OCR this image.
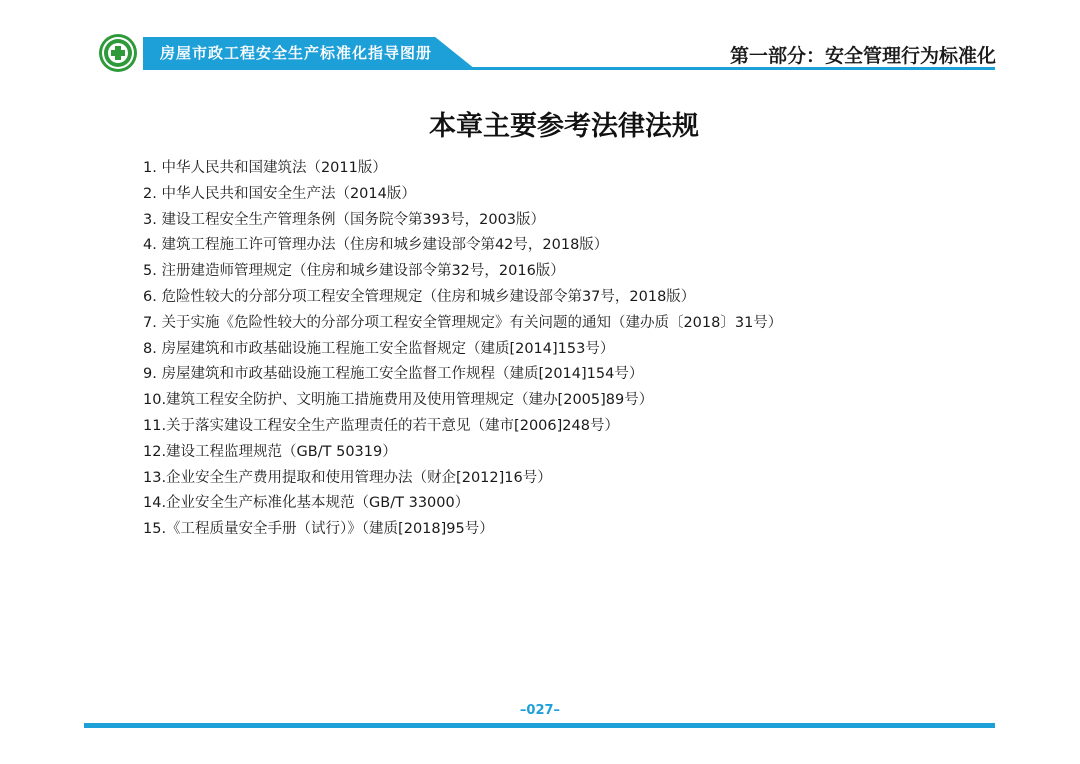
房屋市政工程安全生产标准化指导图册	第一部分：安全管理行为标准化
本章主要参考法律法规
1. 中华人民共和国建筑法（2011版）
2. 中华人民共和国安全生产法（2014版）
3. 建设工程安全生产管理条例（国务院令第393号，2003版）
4. 建筑工程施工许可管理办法（住房和城乡建设部令第42号，2018版）
5. 注册建造师管理规定（住房和城乡建设部令第32号，2016版）
6. 危险性较大的分部分项工程安全管理规定（住房和城乡建设部令第37号，2018版）
7. 关于实施《危险性较大的分部分项工程安全管理规定》有关问题的通知（建办质〔2018〕31号）
8. 房屋建筑和市政基础设施工程施工安全监督规定（建质[2014]153号）
9. 房屋建筑和市政基础设施工程施工安全监督工作规程（建质[2014]154号）
10.建筑工程安全防护、文明施工措施费用及使用管理规定（建办[2005]89号）
11.关于落实建设工程安全生产监理责任的若干意见（建市[2006]248号）
12.建设工程监理规范（GB/T 50319）
13.企业安全生产费用提取和使用管理办法（财企[2012]16号）
14.企业安全生产标准化基本规范（GB/T 33000）
15.《工程质量安全手册（试行）》（建质[2018]95号）
–027–
